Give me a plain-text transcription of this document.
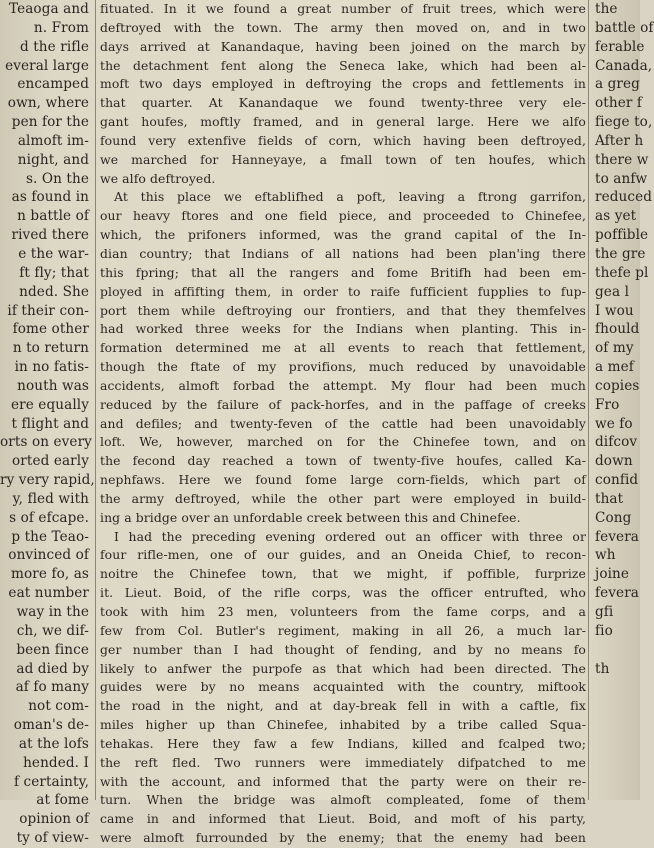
Teaoga and
n. From
d the rifle
everal large
encamped
own, where
pen for the
almoft im-
night, and
s. On the
as found in
n battle of
rived there
e the war-
ft fly; that
nded. She
if their con-
fome other
n to return
in no fatis-
nouth was
ere equally
t flight and
orts on every
orted early
ry very rapid,
y, fled with
s of efcape.
p the Teao-
onvinced of
more fo, as
eat number
way in the
ch, we dif-
been fince
ad died by
af fo many
not com-
oman's de-
at the lofs
hended. I
f certainty,
at fome
opinion of
ty of view-
fituated. In it we found a great number of fruit trees, which were
deftroyed with the town. The army then moved on, and in two
days arrived at Kanandaque, having been joined on the march by
the detachment fent along the Seneca lake, which had been al-
moft two days employed in deftroying the crops and fettlements in
that quarter. At Kanandaque we found twenty-three very ele-
gant houfes, moftly framed, and in general large. Here we alfo
found very extenfive fields of corn, which having been deftroyed,
we marched for Hanneyaye, a fmall town of ten houfes, which
we alfo deftroyed.
At this place we eftablifhed a poft, leaving a ftrong garrifon,
our heavy ftores and one field piece, and proceeded to Chinefee,
which, the prifoners informed, was the grand capital of the In-
dian country; that Indians of all nations had been plan'ing there
this fpring; that all the rangers and fome Britifh had been em-
ployed in affifting them, in order to raife fufficient fupplies to fup-
port them while deftroying our frontiers, and that they themfelves
had worked three weeks for the Indians when planting. This in-
formation determined me at all events to reach that fettlement,
though the ftate of my provifions, much reduced by unavoidable
accidents, almoft forbad the attempt. My flour had been much
reduced by the failure of pack-horfes, and in the paffage of creeks
and defiles; and twenty-feven of the cattle had been unavoidably
loft. We, however, marched on for the Chinefee town, and on
the fecond day reached a town of twenty-five houfes, called Ka-
nephfaws. Here we found fome large corn-fields, which part of
the army deftroyed, while the other part were employed in build-
ing a bridge over an unfordable creek between this and Chinefee.
I had the preceding evening ordered out an officer with three or
four rifle-men, one of our guides, and an Oneida Chief, to recon-
noitre the Chinefee town, that we might, if poffible, furprize
it. Lieut. Boid, of the rifle corps, was the officer entrufted, who
took with him 23 men, volunteers from the fame corps, and a
few from Col. Butler's regiment, making in all 26, a much lar-
ger number than I had thought of fending, and by no means fo
likely to anfwer the purpofe as that which had been directed. The
guides were by no means acquainted with the country, miftook
the road in the night, and at day-break fell in with a caftle, fix
miles higher up than Chinefee, inhabited by a tribe called Squa-
tehakas. Here they faw a few Indians, killed and fcalped two;
the reft fled. Two runners were immediately difpatched to me
with the account, and informed that the party were on their re-
turn. When the bridge was almoft compleated, fome of them
came in and informed that Lieut. Boid, and moft of his party,
were almoft furrounded by the enemy; that the enemy had been
the
battle of
ferable
Canada,
a greg
other f
fiege to,
After h
there w
to anfw
reduced
as yet
poffible
the gre
thefe pl
gea l
I wou
fhould
of my
a mef
copies
Fro
we fo
difcov
down
confid
that
Cong
fevera
wh
joine
fevera
gfi
fio
th
